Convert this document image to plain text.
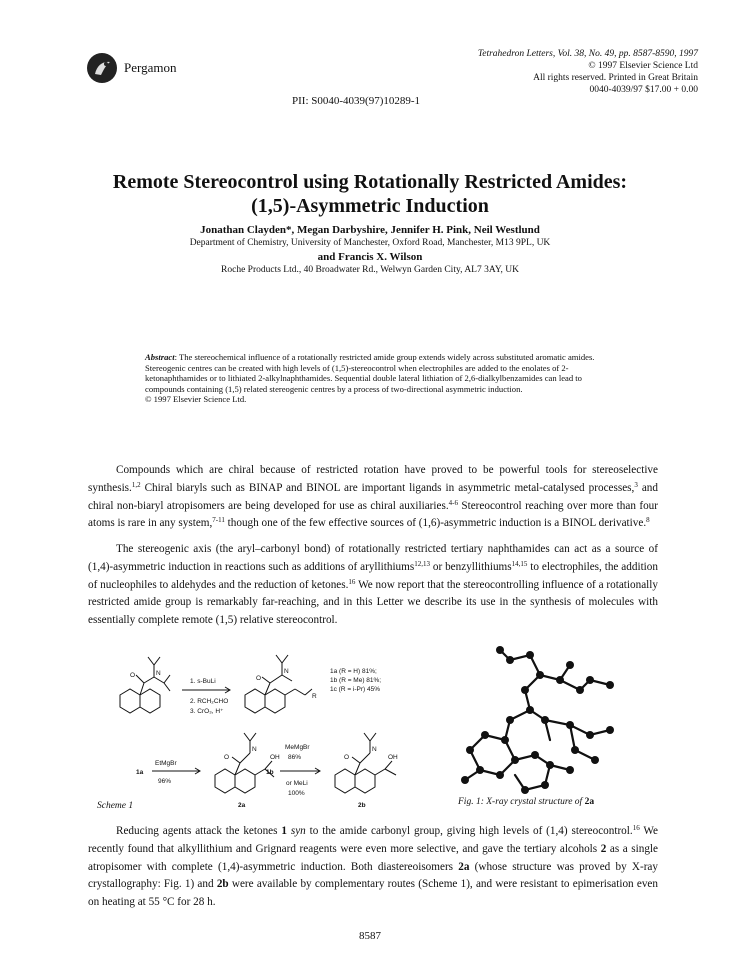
Pergamon
Tetrahedron Letters, Vol. 38, No. 49, pp. 8587-8590, 1997
© 1997 Elsevier Science Ltd
All rights reserved. Printed in Great Britain
0040-4039/97 $17.00 + 0.00
PII: S0040-4039(97)10289-1
Remote Stereocontrol using Rotationally Restricted Amides:
(1,5)-Asymmetric Induction
Jonathan Clayden*, Megan Darbyshire, Jennifer H. Pink, Neil Westlund
Department of Chemistry, University of Manchester, Oxford Road, Manchester, M13 9PL, UK
and Francis X. Wilson
Roche Products Ltd., 40 Broadwater Rd., Welwyn Garden City, AL7 3AY, UK
Abstract: The stereochemical influence of a rotationally restricted amide group extends widely across substituted aromatic amides. Stereogenic centres can be created with high levels of (1,5)-stereocontrol when electrophiles are added to the enolates of 2-ketonaphthamides or to lithiated 2-alkylnaphthamides. Sequential double lateral lithiation of 2,6-dialkylbenzamides can lead to compounds containing (1,5) related stereogenic centres by a process of two-directional asymmetric induction.
© 1997 Elsevier Science Ltd.

Compounds which are chiral because of restricted rotation have proved to be powerful tools for stereoselective synthesis.$^{1,2}$ Chiral biaryls such as BINAP and BINOL are important ligands in asymmetric metal-catalysed processes,$^3$ and chiral non-biaryl atropisomers are being developed for use as chiral auxiliaries.$^{4-6}$ Stereocontrol reaching over more than four atoms is rare in any system,$^{7-11}$ though one of the few effective sources of (1,6)-asymmetric induction is a BINOL derivative.$^8$

The stereogenic axis (the aryl–carbonyl bond) of rotationally restricted tertiary naphthamides can act as a source of (1,4)-asymmetric induction in reactions such as additions of aryllithiums$^{12,13}$ or benzyllithiums$^{14,15}$ to electrophiles, the addition of nucleophiles to aldehydes and the reduction of ketones.$^{16}$ We now report that the stereocontrolling influence of a rotationally restricted amide group is remarkably far-reaching, and in this Letter we describe its use in the synthesis of molecules with essentially complete remote (1,5) relative stereocontrol.

O	N
1. s-BuLi
2. RCH₂CHO
3. CrO₃, H⁺
O
N
R
1a (R = H) 81%;
1b (R = Me) 81%;
1c (R = i-Pr) 45%
EtMgBr
1a
96%
O
N
OH
MeMgBr
86%
1b
or MeLi
100%
O
N
OH
2a	2b
Scheme 1	Fig. 1: X-ray crystal structure of 2a

Reducing agents attack the ketones 1 syn to the amide carbonyl group, giving high levels of (1,4) stereocontrol.$^{16}$ We recently found that alkyllithium and Grignard reagents were even more selective, and gave the tertiary alcohols 2 as a single atropisomer with complete (1,4)-asymmetric induction. Both diastereoisomers 2a (whose structure was proved by X-ray crystallography: Fig. 1) and 2b were available by complementary routes (Scheme 1), and were resistant to epimerisation even on heating at 55 °C for 28 h.

8587
